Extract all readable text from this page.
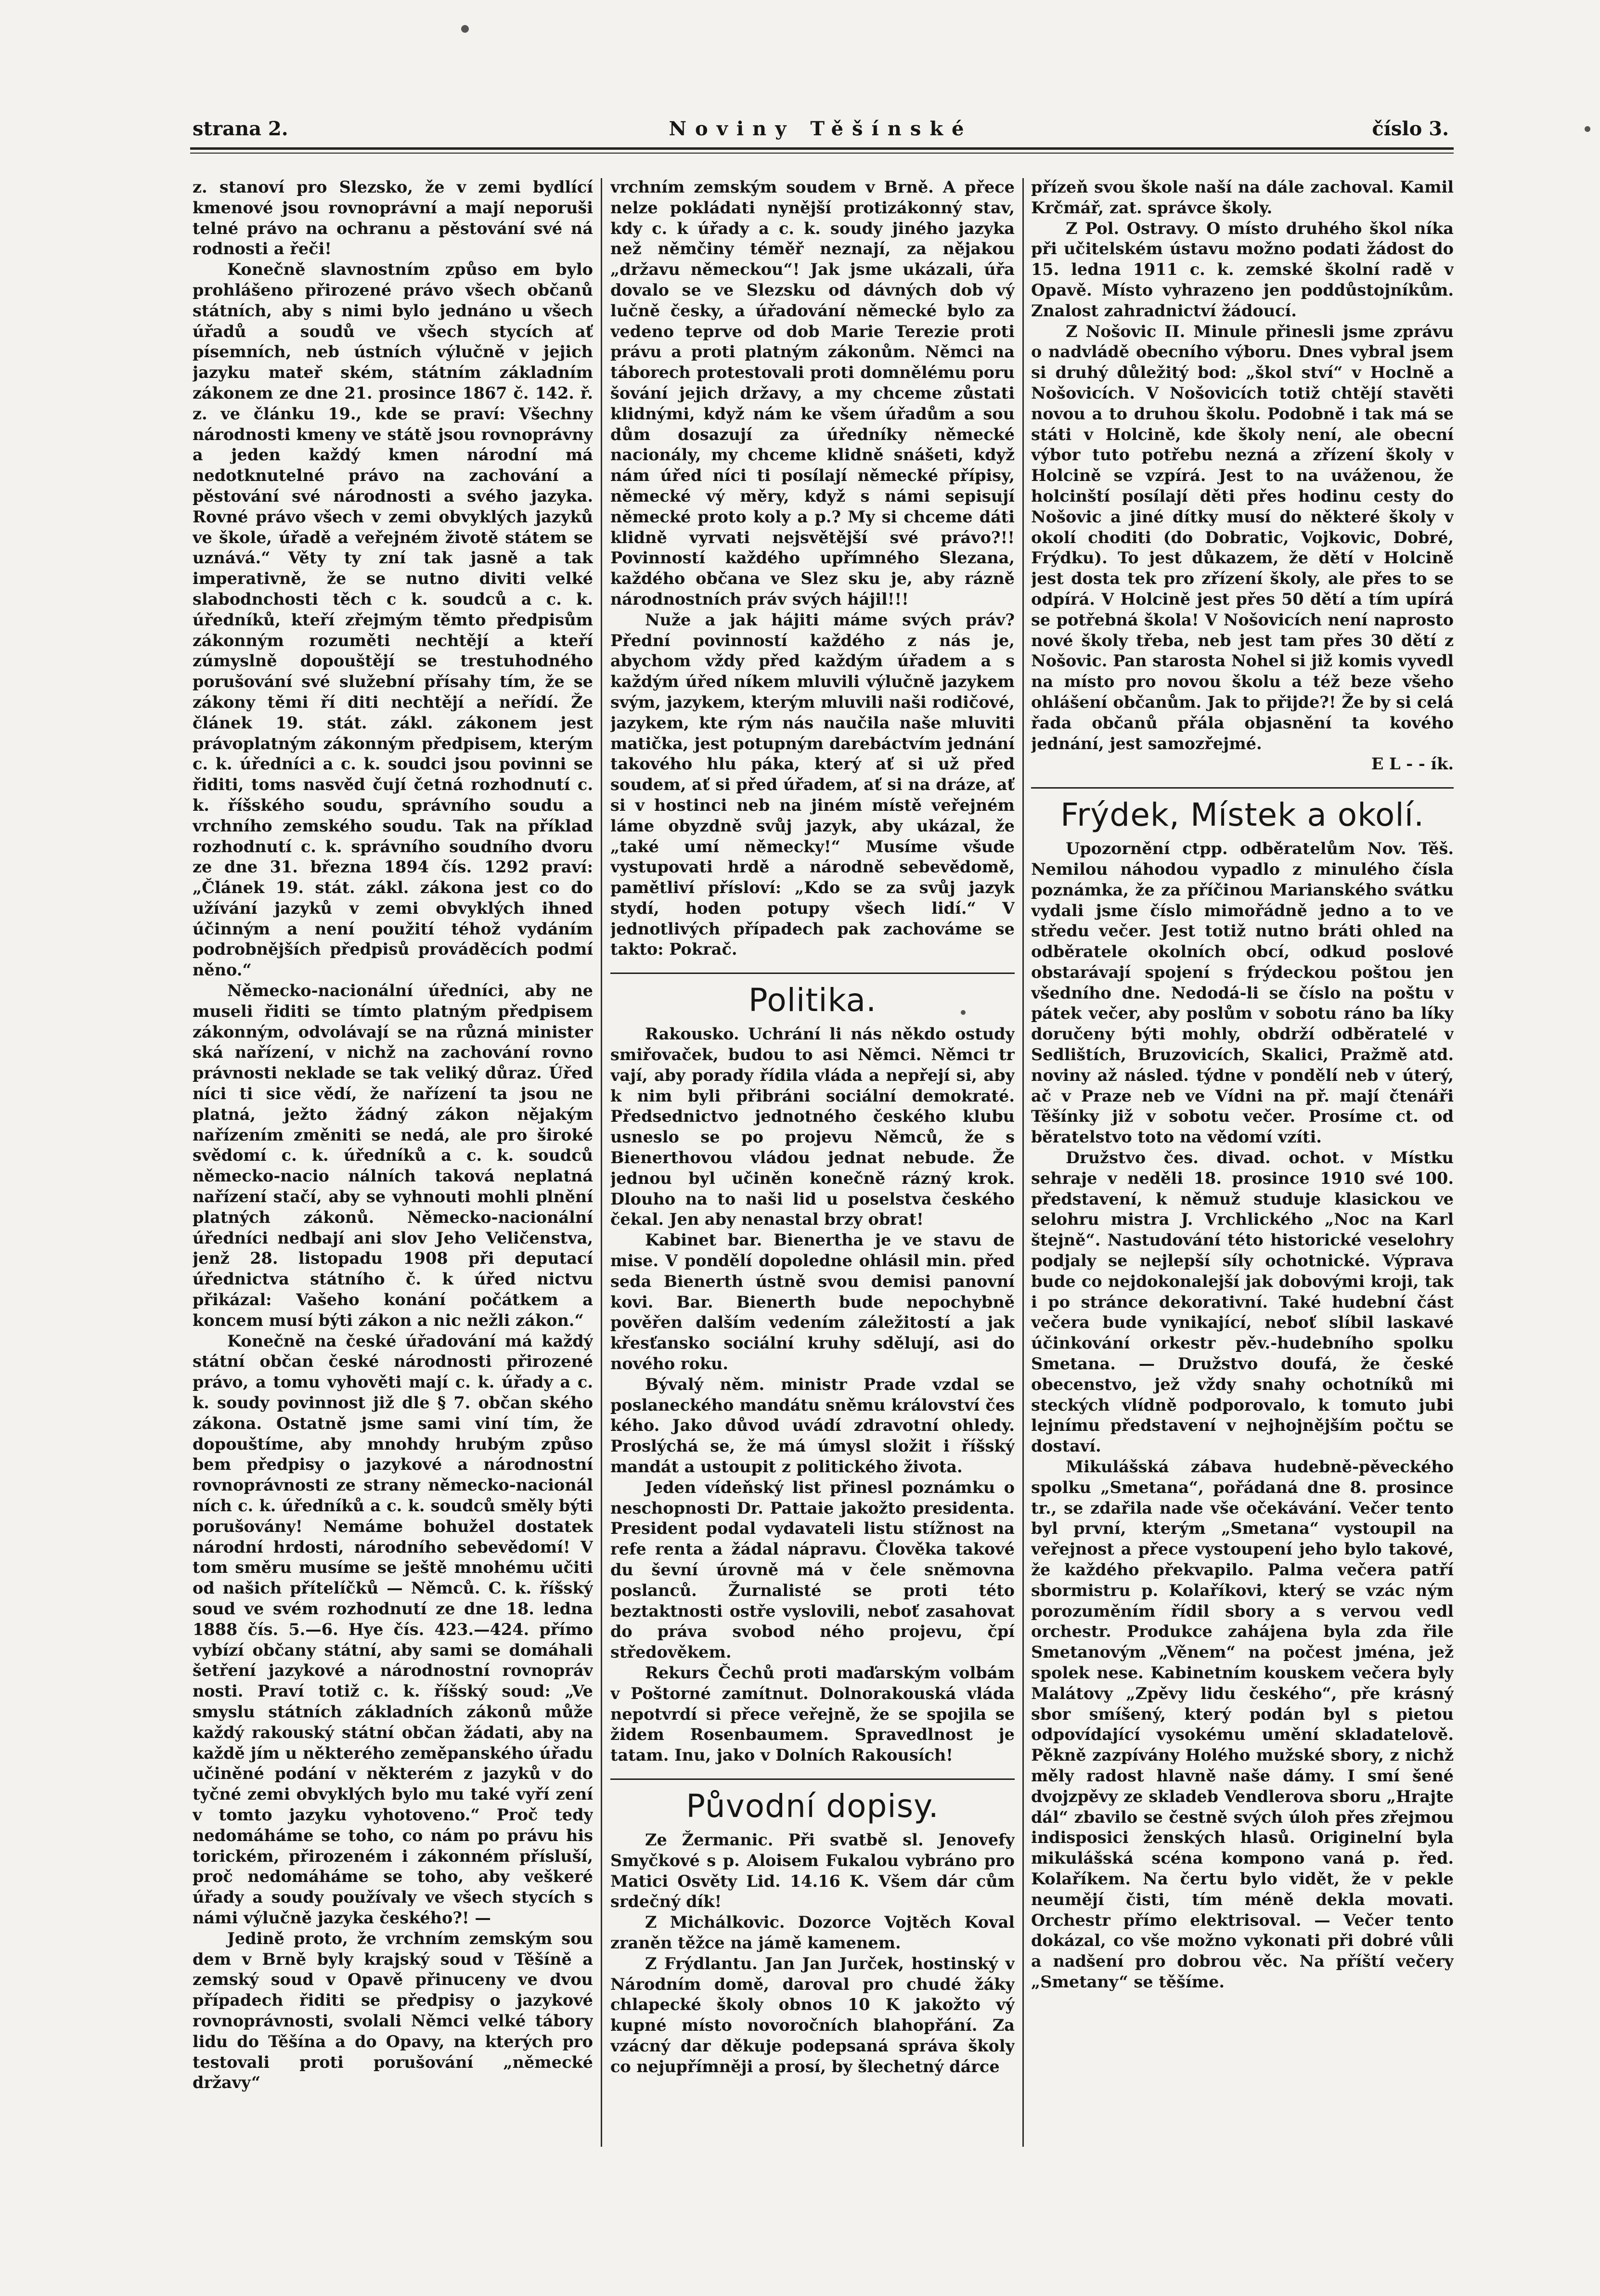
strana 2.	Noviny Těšínské	číslo 3.

z. stanoví pro Slezsko, že v zemi bydlící kmenové jsou rovnoprávní a mají neporuši telné právo na ochranu a pěstování své ná rodnosti a řeči!

Konečně slavnostním způso em bylo prohlášeno přirozené právo všech občanů státních, aby s nimi bylo jednáno u všech úřadů a soudů ve všech stycích ať písemních, neb ústních výlučně v jejich jazyku mateř ském, státním základním zákonem ze dne 21. prosince 1867 č. 142. ř. z. ve článku 19., kde se praví: Všechny národnosti kmeny ve státě jsou rovnoprávny a jeden každý kmen národní má nedotknutelné právo na zachování a pěstování své národnosti a svého jazyka. Rovné právo všech v zemi obvyklých jazyků ve škole, úřadě a veřejném životě státem se uznává.“ Věty ty zní tak jasně a tak imperativně, že se nutno diviti velké slabodnchosti těch c k. soudců a c. k. úředníků, kteří zřejmým těmto předpisům zákonným rozuměti nechtějí a kteří zúmyslně dopouštějí se trestuhodného porušování své služební přísahy tím, že se zákony těmi ří diti nechtějí a neřídí. Že článek 19. stát. zákl. zákonem jest právoplatným zákonným předpisem, kterým c. k. úředníci a c. k. soudci jsou povinni se řiditi, toms nasvěd čují četná rozhodnutí c. k. říšského soudu, správního soudu a vrchního zemského soudu. Tak na příklad rozhodnutí c. k. správního soudního dvoru ze dne 31. března 1894 čís. 1292 praví: „Článek 19. stát. zákl. zákona jest co do užívání jazyků v zemi obvyklých ihned účinným a není použití téhož vydáním podrobnějších předpisů prováděcích podmí něno.“

Německo-nacionální úředníci, aby ne museli řiditi se tímto platným předpisem zákonným, odvolávají se na různá minister ská nařízení, v nichž na zachování rovno právnosti neklade se tak veliký důraz. Úřed níci ti sice vědí, že nařízení ta jsou ne platná, ježto žádný zákon nějakým nařízením změniti se nedá, ale pro široké svědomí c. k. úředníků a c. k. soudců německo-nacio nálních taková neplatná nařízení stačí, aby se vyhnouti mohli plnění platných zákonů. Německo-nacionální úředníci nedbají ani slov Jeho Veličenstva, jenž 28. listopadu 1908 při deputací úřednictva státního č. k úřed nictvu přikázal: Vašeho konání počátkem a koncem musí býti zákon a nic nežli zákon.“

Konečně na české úřadování má každý státní občan české národnosti přirozené právo, a tomu vyhověti mají c. k. úřady a c. k. soudy povinnost již dle § 7. občan ského zákona. Ostatně jsme sami viní tím, že dopouštíme, aby mnohdy hrubým způso bem předpisy o jazykové a národnostní rovnoprávnosti ze strany německo-nacionál ních c. k. úředníků a c. k. soudců směly býti porušovány! Nemáme bohužel dostatek národní hrdosti, národního sebevědomí! V tom směru musíme se ještě mnohému učiti od našich přítelíčků — Němců. C. k. říšský soud ve svém rozhodnutí ze dne 18. ledna 1888 čís. 5.—6. Hye čís. 423.—424. přímo vybízí občany státní, aby sami se domáhali šetření jazykové a národnostní rovnopráv nosti. Praví totiž c. k. říšský soud: „Ve smyslu státních základních zákonů může každý rakouský státní občan žádati, aby na každě jím u některého zeměpanského úřadu učiněné podání v některém z jazyků v do tyčné zemi obvyklých bylo mu také vyří zení v tomto jazyku vyhotoveno.“ Proč tedy nedomáháme se toho, co nám po právu his torickém, přirozeném i zákonném přísluší, proč nedomáháme se toho, aby veškeré úřady a soudy používaly ve všech stycích s námi výlučně jazyka českého?! —

Jedině proto, že vrchním zemským sou dem v Brně byly krajský soud v Těšíně a zemský soud v Opavě přinuceny ve dvou případech řiditi se předpisy o jazykové rovnoprávnosti, svolali Němci velké tábory lidu do Těšína a do Opavy, na kterých pro testovali proti porušování „německé državy“

vrchním zemským soudem v Brně. A přece nelze pokládati nynější protizákonný stav, kdy c. k úřady a c. k. soudy jiného jazyka než němčiny téměř neznají, za nějakou „državu německou“! Jak jsme ukázali, úřa dovalo se ve Slezsku od dávných dob vý lučně česky, a úřadování německé bylo za vedeno teprve od dob Marie Terezie proti právu a proti platným zákonům. Němci na táborech protestovali proti domnělému poru šování jejich državy, a my chceme zůstati klidnými, když nám ke všem úřadům a sou dům dosazují za úředníky německé nacionály, my chceme klidně snášeti, když nám úřed níci ti posílají německé přípisy, německé vý měry, když s námi sepisují německé proto koly a p.? My si chceme dáti klidně vyrvati nejsvětější své právo?!! Povinností každého upřímného Slezana, každého občana ve Slez sku je, aby rázně národnostních práv svých hájil!!!

Nuže a jak hájiti máme svých práv? Přední povinností každého z nás je, abychom vždy před každým úřadem a s každým úřed níkem mluvili výlučně jazykem svým, jazykem, kterým mluvili naši rodičové, jazykem, kte rým nás naučila naše mluviti matička, jest potupným darebáctvím jednání takového hlu páka, který ať si už před soudem, ať si před úřadem, ať si na dráze, ať si v hostinci neb na jiném místě veřejném láme obyzdně svůj jazyk, aby ukázal, že „také umí německy!“ Musíme všude vystupovati hrdě a národně sebevědomě, pamětliví přísloví: „Kdo se za svůj jazyk stydí, hoden potupy všech lidí.“ V jednotlivých případech pak zachováme se takto: Pokrač.

Politika.

Rakousko. Uchrání li nás někdo ostudy smiřovaček, budou to asi Němci. Němci tr vají, aby porady řídila vláda a nepřejí si, aby k nim byli přibráni sociální demokraté. Předsednictvo jednotného českého klubu usneslo se po projevu Němců, že s Bienerthovou vládou jednat nebude. Že jednou byl učiněn konečně rázný krok. Dlouho na to naši lid u poselstva českého čekal. Jen aby nenastal brzy obrat!

Kabinet bar. Bienertha je ve stavu de mise. V pondělí dopoledne ohlásil min. před seda Bienerth ústně svou demisi panovní kovi. Bar. Bienerth bude nepochybně pověřen dalším vedením záležitostí a jak křesťansko sociální kruhy sdělují, asi do nového roku.

Bývalý něm. ministr Prade vzdal se poslaneckého mandátu sněmu království čes kého. Jako důvod uvádí zdravotní ohledy. Proslýchá se, že má úmysl složit i říšský mandát a ustoupit z politického života.

Jeden vídeňský list přinesl poznámku o neschopnosti Dr. Pattaie jakožto presidenta. President podal vydavateli listu stížnost na refe renta a žádal nápravu. Člověka takové du ševní úrovně má v čele sněmovna poslanců. Žurnalisté se proti této beztaktnosti ostře vyslovili, neboť zasahovat do práva svobod ného projevu, čpí středověkem.

Rekurs Čechů proti maďarským volbám v Poštorné zamítnut. Dolnorakouská vláda nepotvrdí si přece veřejně, že se spojila se židem Rosenbaumem. Spravedlnost je tatam. Inu, jako v Dolních Rakousích!

Původní dopisy.

Ze Žermanic. Při svatbě sl. Jenovefy Smyčkové s p. Aloisem Fukalou vybráno pro Matici Osvěty Lid. 14.16 K. Všem dár cům srdečný dík!

Z Michálkovic. Dozorce Vojtěch Koval zraněn těžce na jámě kamenem.

Z Frýdlantu. Jan Jan Jurček, hostinský v Národním domě, daroval pro chudé žáky chlapecké školy obnos 10 K jakožto vý kupné místo novoročních blahopřání. Za vzácný dar děkuje podepsaná správa školy co nejupřímněji a prosí, by šlechetný dárce

přízeň svou škole naší na dále zachoval. Kamil Krčmář, zat. správce školy.

Z Pol. Ostravy. O místo druhého škol níka při učitelském ústavu možno podati žádost do 15. ledna 1911 c. k. zemské školní radě v Opavě. Místo vyhrazeno jen poddůstojníkům. Znalost zahradnictví žádoucí.

Z Nošovic II. Minule přinesli jsme zprávu o nadvládě obecního výboru. Dnes vybral jsem si druhý důležitý bod: „škol ství“ v Hoclně a Nošovicích. V Nošovicích totiž chtějí stavěti novou a to druhou školu. Podobně i tak má se státi v Holcině, kde školy není, ale obecní výbor tuto potřebu nezná a zřízení školy v Holcině se vzpírá. Jest to na uváženou, že holcinští posílají děti přes hodinu cesty do Nošovic a jiné dítky musí do některé školy v okolí choditi (do Dobratic, Vojkovic, Dobré, Frýdku). To jest důkazem, že dětí v Holcině jest dosta tek pro zřízení školy, ale přes to se odpírá. V Holcině jest přes 50 dětí a tím upírá se potřebná škola! V Nošovicích není naprosto nové školy třeba, neb jest tam přes 30 dětí z Nošovic. Pan starosta Nohel si již komis vyvedl na místo pro novou školu a též beze všeho ohlášení občanům. Jak to přijde?! Že by si celá řada občanů přála objasnění ta kového jednání, jest samozřejmé.

E L - - ík.

Frýdek, Místek a okolí.

Upozornění ctpp. odběratelům Nov. Těš. Nemilou náhodou vypadlo z minulého čísla poznámka, že za příčinou Marianského svátku vydali jsme číslo mimořádně jedno a to ve středu večer. Jest totiž nutno bráti ohled na odběratele okolních obcí, odkud poslové obstarávají spojení s frýdeckou poštou jen všedního dne. Nedodá-li se číslo na poštu v pátek večer, aby poslům v sobotu ráno ba líky doručeny býti mohly, obdrží odběratelé v Sedlištích, Bruzovicích, Skalici, Pražmě atd. noviny až násled. týdne v pondělí neb v úterý, ač v Praze neb ve Vídni na př. mají čtenáři Těšínky již v sobotu večer. Prosíme ct. od běratelstvo toto na vědomí vzíti.

Družstvo čes. divad. ochot. v Místku sehraje v neděli 18. prosince 1910 své 100. představení, k němuž studuje klasickou ve selohru mistra J. Vrchlického „Noc na Karl štejně“. Nastudování této historické veselohry podjaly se nejlepší síly ochotnické. Výprava bude co nejdokonalejší jak dobovými kroji, tak i po stránce dekorativní. Také hudební část večera bude vynikající, neboť slíbil laskavé účinkování orkestr pěv.-hudebního spolku Smetana. — Družstvo doufá, že české obecenstvo, jež vždy snahy ochotníků mi steckých vlídně podporovalo, k tomuto jubi lejnímu představení v nejhojnějším počtu se dostaví.

Mikulášská zábava hudebně-pěveckého spolku „Smetana“, pořádaná dne 8. prosince tr., se zdařila nade vše očekávání. Večer tento byl první, kterým „Smetana“ vystoupil na veřejnost a přece vystoupení jeho bylo takové, že každého překvapilo. Palma večera patří sbormistru p. Kolaříkovi, který se vzác ným porozuměním řídil sbory a s vervou vedl orchestr. Produkce zahájena byla zda řile Smetanovým „Věnem“ na počest jména, jež spolek nese. Kabinetním kouskem večera byly Malátovy „Zpěvy lidu českého“, pře krásný sbor smíšený, který podán byl s pietou odpovídající vysokému umění skladatelově. Pěkně zazpívány Holého mužské sbory, z nichž měly radost hlavně naše dámy. I smí šené dvojzpěvy ze skladeb Vendlerova sboru „Hrajte dál“ zbavilo se čestně svých úloh přes zřejmou indisposici ženských hlasů. Originelní byla mikulášská scéna kompono vaná p. řed. Kolaříkem. Na čertu bylo vidět, že v pekle neumějí čisti, tím méně dekla movati. Orchestr přímo elektrisoval. — Večer tento dokázal, co vše možno vykonati při dobré vůli a nadšení pro dobrou věc. Na příští večery „Smetany“ se těšíme.
